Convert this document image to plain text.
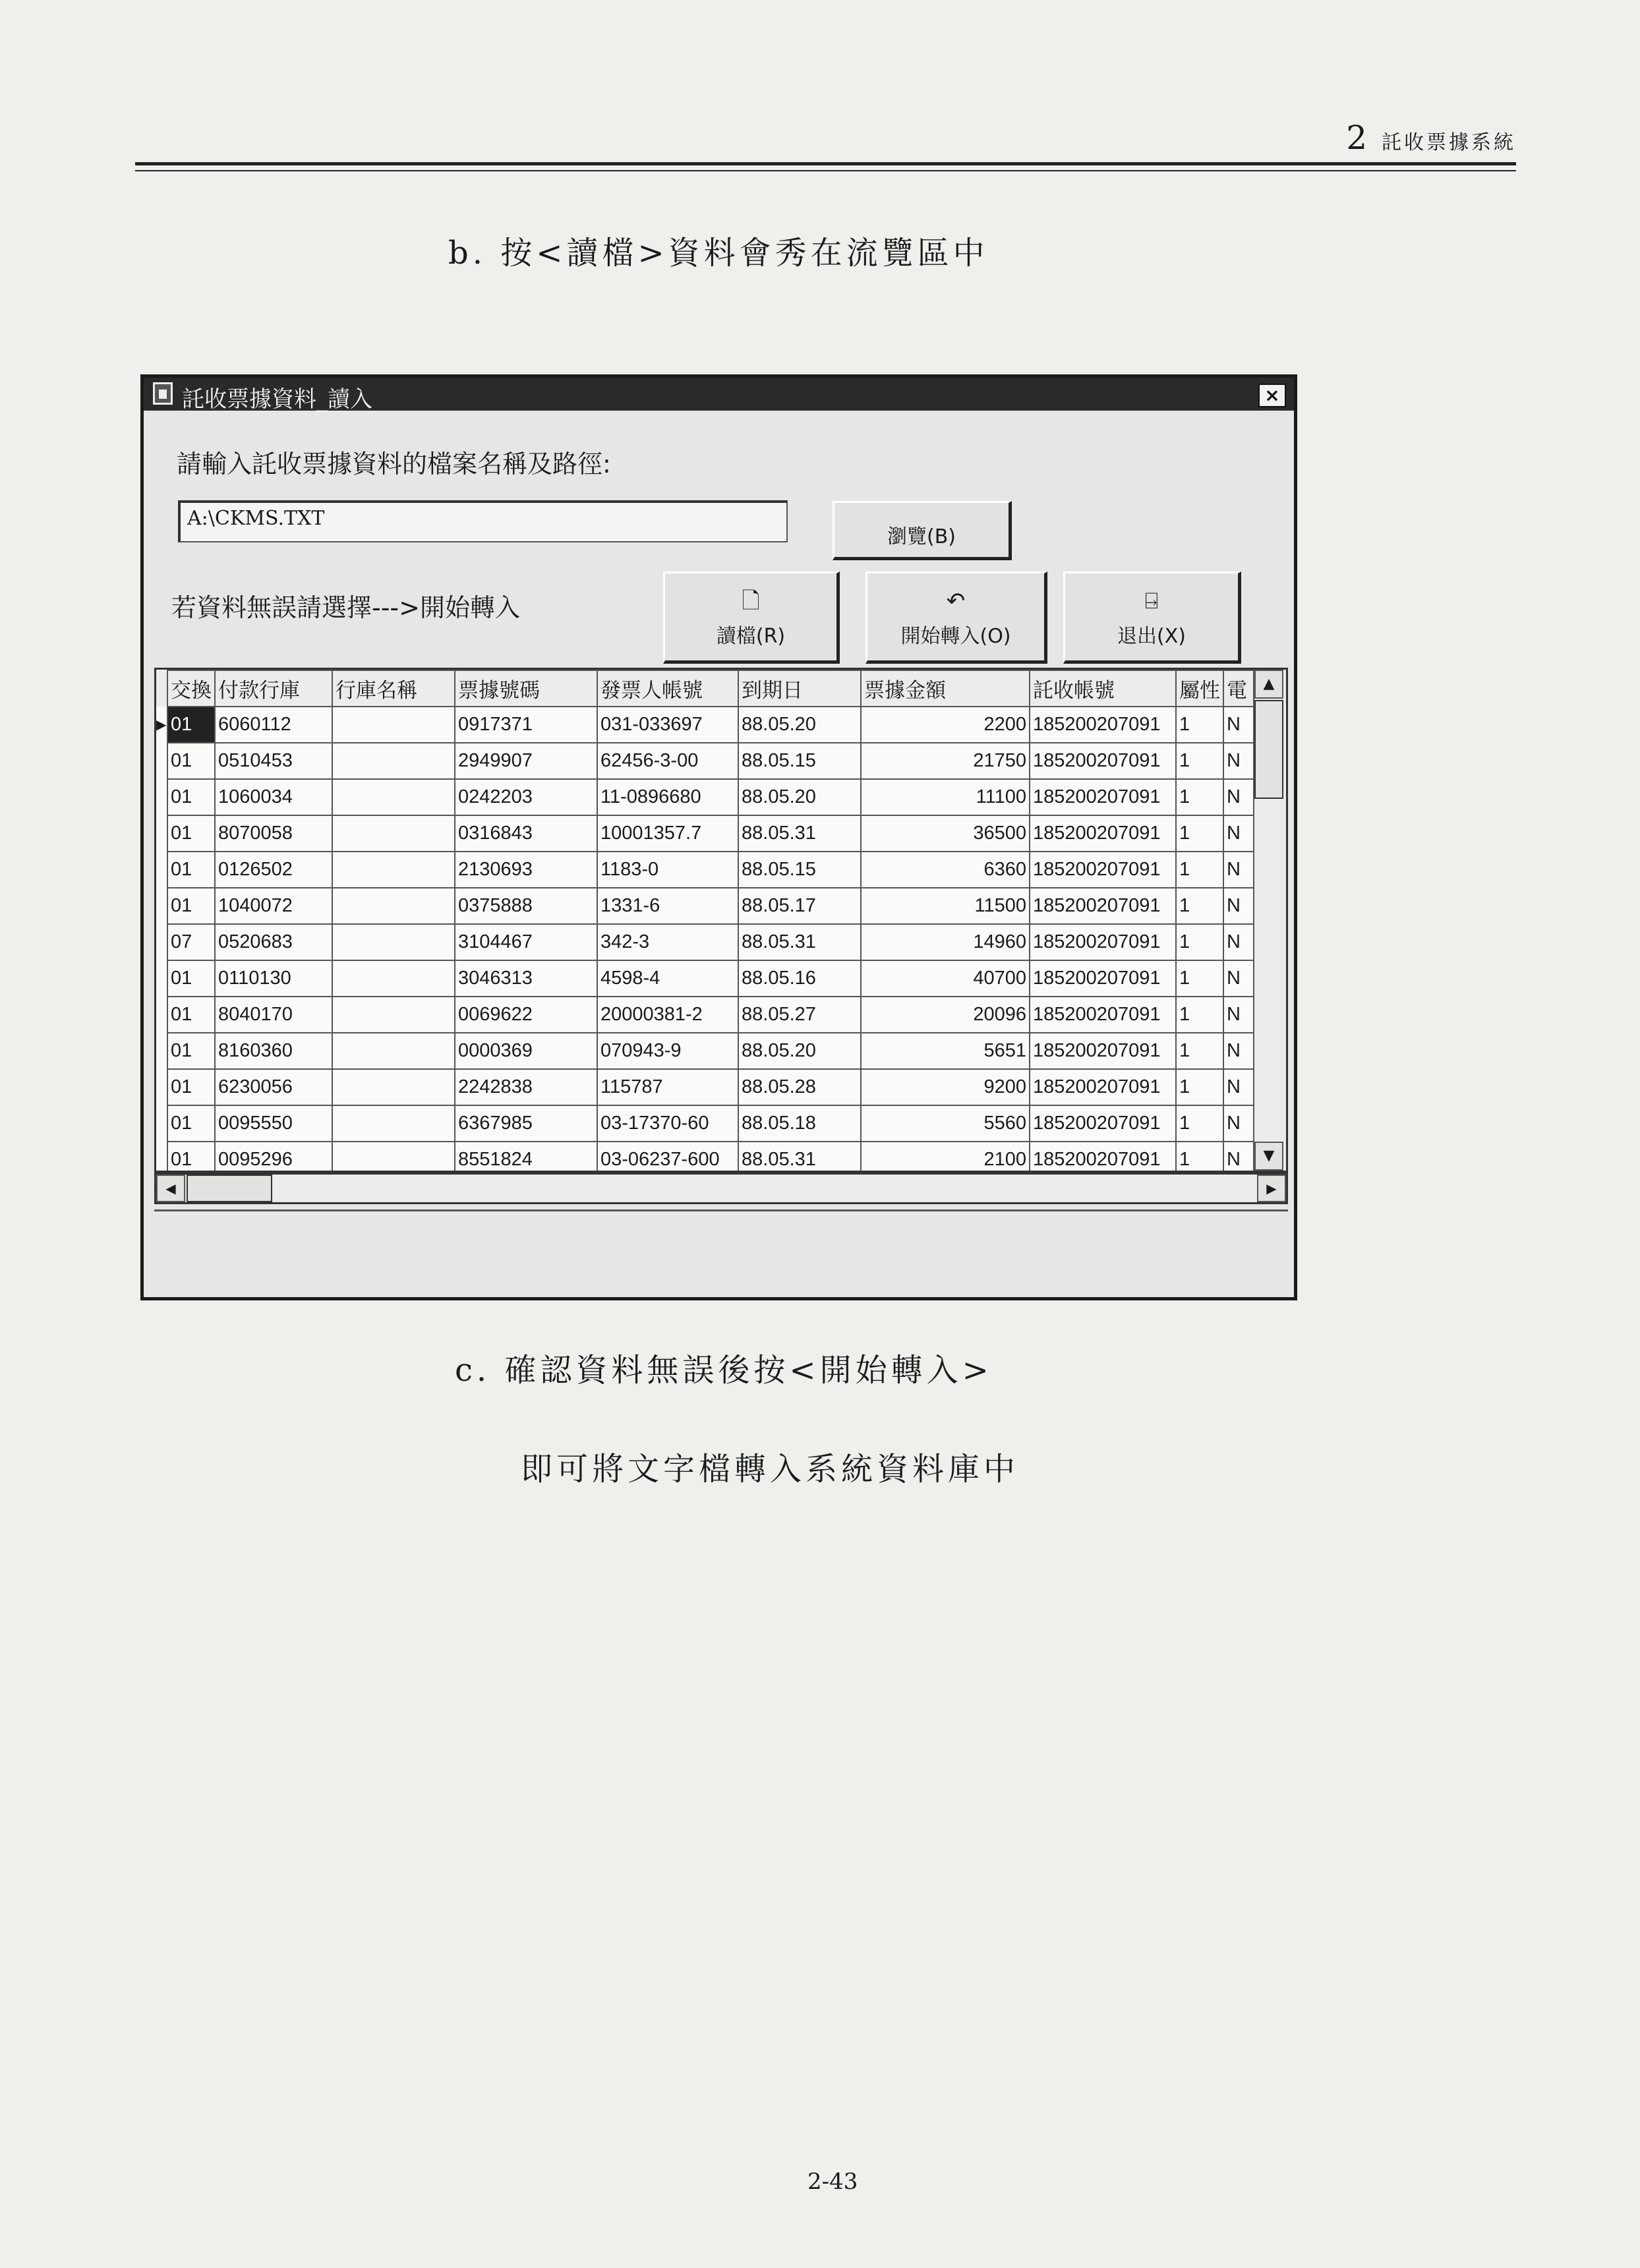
2 託收票據系統
b. 按<讀檔>資料會秀在流覽區中
託收票據資料_讀入	×
請輸入託收票據資料的檔案名稱及路徑:
A:\CKMS.TXT
瀏覽(B)
若資料無誤請選擇--->開始轉入	🗋
讀檔(R)
↶
開始轉入(O)
⍈
退出(X)
	交換	付款行庫	行庫名稱	票據號碼	發票人帳號	到期日	票據金額	託收帳號	屬性	電
▶	01	6060112		0917371	031-033697	88.05.20	2200	185200207091	1	N
	01	0510453		2949907	62456-3-00	88.05.15	21750	185200207091	1	N
	01	1060034		0242203	11-0896680	88.05.20	11100	185200207091	1	N
	01	8070058		0316843	10001357.7	88.05.31	36500	185200207091	1	N
	01	0126502		2130693	1183-0	88.05.15	6360	185200207091	1	N
	01	1040072		0375888	1331-6	88.05.17	11500	185200207091	1	N
	07	0520683		3104467	342-3	88.05.31	14960	185200207091	1	N
	01	0110130		3046313	4598-4	88.05.16	40700	185200207091	1	N
	01	8040170		0069622	20000381-2	88.05.27	20096	185200207091	1	N
	01	8160360		0000369	070943-9	88.05.20	5651	185200207091	1	N
	01	6230056		2242838	115787	88.05.28	9200	185200207091	1	N
	01	0095550		6367985	03-17370-60	88.05.18	5560	185200207091	1	N
	01	0095296		8551824	03-06237-600	88.05.31	2100	185200207091	1	N
▲
▼
◀	▶
c. 確認資料無誤後按<開始轉入>
即可將文字檔轉入系統資料庫中
2-43
